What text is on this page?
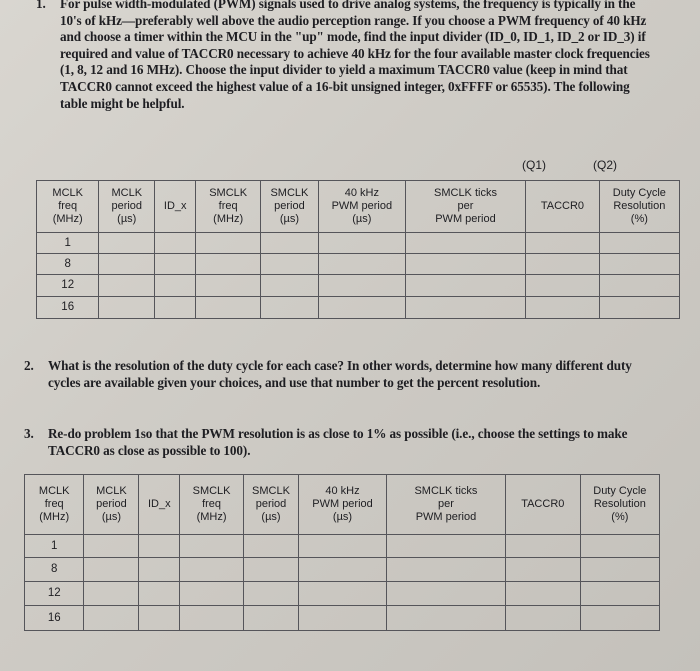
1. For pulse width-modulated (PWM) signals used to drive analog systems, the frequency is typically in the 10's of kHz—preferably well above the audio perception range. If you choose a PWM frequency of 40 kHz and choose a timer within the MCU in the "up" mode, find the input divider (ID_0, ID_1, ID_2 or ID_3) if required and value of TACCR0 necessary to achieve 40 kHz for the four available master clock frequencies (1, 8, 12 and 16 MHz). Choose the input divider to yield a maximum TACCR0 value (keep in mind that TACCR0 cannot exceed the highest value of a 16-bit unsigned integer, 0xFFFF or 65535). The following table might be helpful.
(Q1)	(Q2)
MCLK
freq
(MHz)	MCLK
period
(µs)	ID_x	SMCLK
freq
(MHz)	SMCLK
period
(µs)	40 kHz
PWM period
(µs)	SMCLK ticks
per
PWM period	TACCR0	Duty Cycle
Resolution
(%)
1								
8								
12								
16								
2. What is the resolution of the duty cycle for each case? In other words, determine how many different duty cycles are available given your choices, and use that number to get the percent resolution.
3. Re-do problem 1so that the PWM resolution is as close to 1% as possible (i.e., choose the settings to make TACCR0 as close as possible to 100).
MCLK
freq
(MHz)	MCLK
period
(µs)	ID_x	SMCLK
freq
(MHz)	SMCLK
period
(µs)	40 kHz
PWM period
(µs)	SMCLK ticks
per
PWM period	TACCR0	Duty Cycle
Resolution
(%)
1								
8								
12								
16								
